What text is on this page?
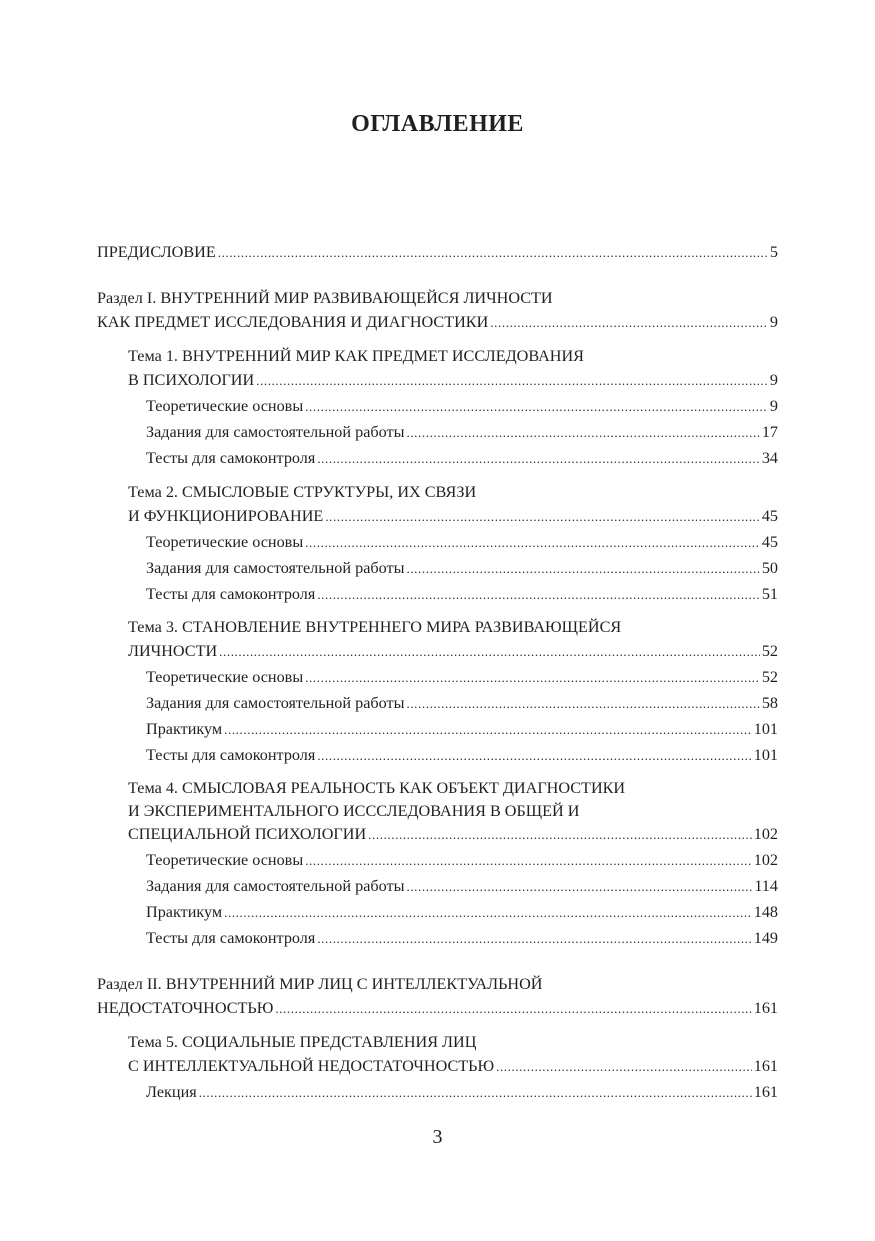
ОГЛАВЛЕНИЕ
ПРЕДИСЛОВИЕ .....	5
Раздел I. ВНУТРЕННИЙ МИР РАЗВИВАЮЩЕЙСЯ ЛИЧНОСТИ
КАК ПРЕДМЕТ ИССЛЕДОВАНИЯ И ДИАГНОСТИКИ .....	9
Тема 1. ВНУТРЕННИЙ МИР КАК ПРЕДМЕТ ИССЛЕДОВАНИЯ
В ПСИХОЛОГИИ .....	9
Теоретические основы .....	9
Задания для самостоятельной работы .....	17
Тесты для самоконтроля .....	34
Тема 2. СМЫСЛОВЫЕ СТРУКТУРЫ, ИХ СВЯЗИ
И ФУНКЦИОНИРОВАНИЕ .....	45
Теоретические основы .....	45
Задания для самостоятельной работы .....	50
Тесты для самоконтроля .....	51
Тема 3. СТАНОВЛЕНИЕ ВНУТРЕННЕГО МИРА РАЗВИВАЮЩЕЙСЯ
ЛИЧНОСТИ .....	52
Теоретические основы .....	52
Задания для самостоятельной работы .....	58
Практикум .....	101
Тесты для самоконтроля .....	101
Тема 4. СМЫСЛОВАЯ РЕАЛЬНОСТЬ КАК ОБЪЕКТ ДИАГНОСТИКИ
И ЭКСПЕРИМЕНТАЛЬНОГО ИСССЛЕДОВАНИЯ В ОБЩЕЙ И
СПЕЦИАЛЬНОЙ ПСИХОЛОГИИ .....	102
Теоретические основы .....	102
Задания для самостоятельной работы .....	114
Практикум .....	148
Тесты для самоконтроля .....	149
Раздел II. ВНУТРЕННИЙ МИР ЛИЦ С ИНТЕЛЛЕКТУАЛЬНОЙ
НЕДОСТАТОЧНОСТЬЮ .....	161
Тема 5. СОЦИАЛЬНЫЕ ПРЕДСТАВЛЕНИЯ ЛИЦ
С ИНТЕЛЛЕКТУАЛЬНОЙ НЕДОСТАТОЧНОСТЬЮ .....	161
Лекция .....	161
3
